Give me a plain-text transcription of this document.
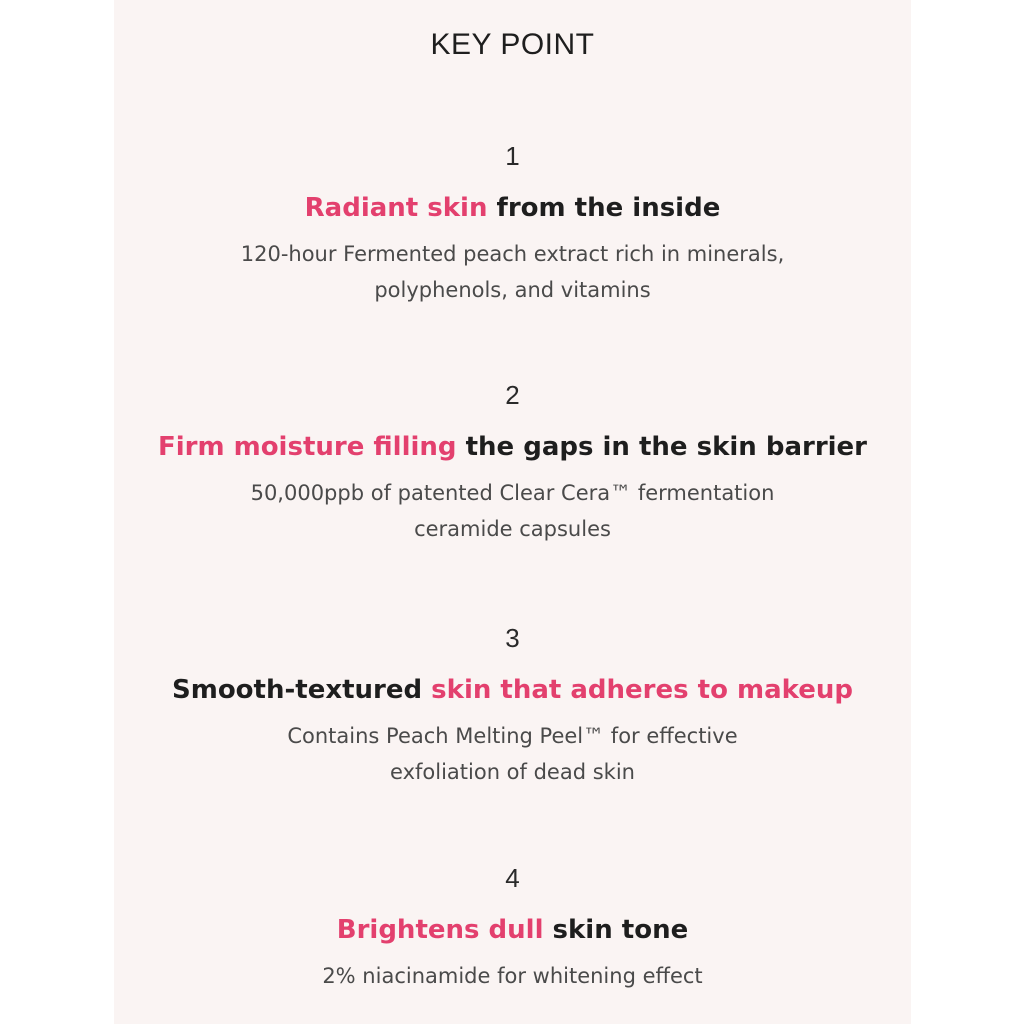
KEY POINT
1
Radiant skin from the inside
120-hour Fermented peach extract rich in minerals,
polyphenols, and vitamins
2
Firm moisture filling the gaps in the skin barrier
50,000ppb of patented Clear Cera™ fermentation
ceramide capsules
3
Smooth-textured skin that adheres to makeup
Contains Peach Melting Peel™ for effective
exfoliation of dead skin
4
Brightens dull skin tone
2% niacinamide for whitening effect
